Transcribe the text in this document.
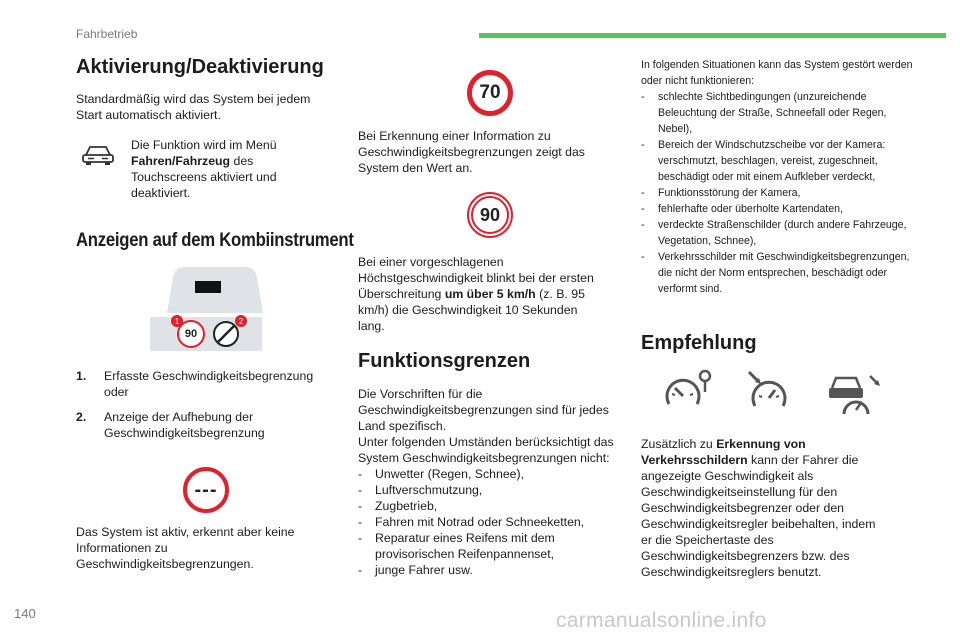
Fahrbetrieb
Aktivierung/Deaktivierung
Standardmäßig wird das System bei jedem Start automatisch aktiviert.
Die Funktion wird im Menü Fahren/Fahrzeug des Touchscreens aktiviert und deaktiviert.
Anzeigen auf dem Kombiinstrument
90
1	2
1. Erfasste Geschwindigkeitsbegrenzung oder
2. Anzeige der Aufhebung der Geschwindigkeitsbegrenzung
---
Das System ist aktiv, erkennt aber keine Informationen zu Geschwindigkeitsbegrenzungen.
70
Bei Erkennung einer Information zu Geschwindigkeitsbegrenzungen zeigt das System den Wert an.
90
Bei einer vorgeschlagenen Höchstgeschwindigkeit blinkt bei der ersten Überschreitung um über 5 km/h (z. B. 95 km/h) die Geschwindigkeit 10 Sekunden lang.
Funktionsgrenzen
Die Vorschriften für die Geschwindigkeitsbegrenzungen sind für jedes Land spezifisch.
Unter folgenden Umständen berücksichtigt das System Geschwindigkeitsbegrenzungen nicht:
- Unwetter (Regen, Schnee),
- Luftverschmutzung,
- Zugbetrieb,
- Fahren mit Notrad oder Schneeketten,
- Reparatur eines Reifens mit dem provisorischen Reifenpannenset,
- junge Fahrer usw.
In folgenden Situationen kann das System gestört werden oder nicht funktionieren:
- schlechte Sichtbedingungen (unzureichende Beleuchtung der Straße, Schneefall oder Regen, Nebel),
- Bereich der Windschutzscheibe vor der Kamera: verschmutzt, beschlagen, vereist, zugeschneit, beschädigt oder mit einem Aufkleber verdeckt,
- Funktionsstörung der Kamera,
- fehlerhafte oder überholte Kartendaten,
- verdeckte Straßenschilder (durch andere Fahrzeuge, Vegetation, Schnee),
- Verkehrsschilder mit Geschwindigkeitsbegrenzungen, die nicht der Norm entsprechen, beschädigt oder verformt sind.
Empfehlung
Zusätzlich zu Erkennung von Verkehrsschildern kann der Fahrer die angezeigte Geschwindigkeit als Geschwindigkeitseinstellung für den Geschwindigkeitsbegrenzer oder den Geschwindigkeitsregler beibehalten, indem er die Speichertaste des Geschwindigkeitsbegrenzers bzw. des Geschwindigkeitsreglers benutzt.
140	carmanualsonline.info
